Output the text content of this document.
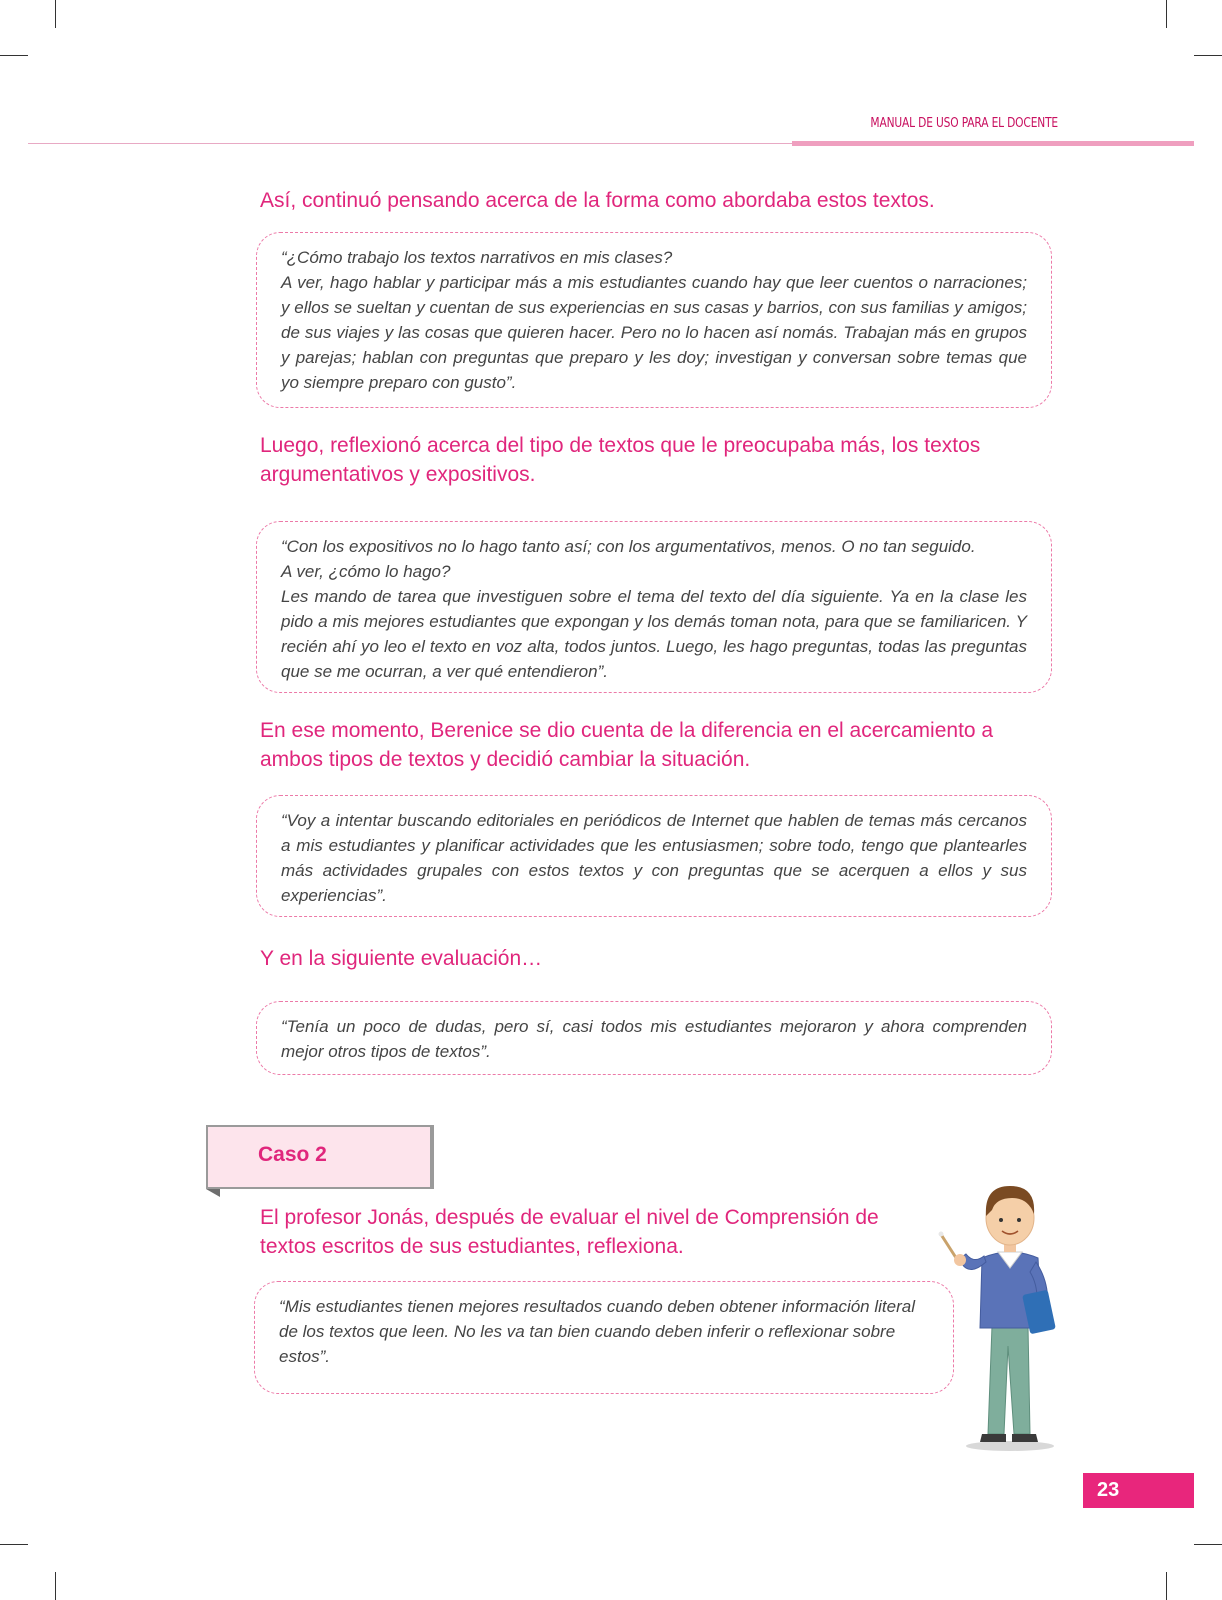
MANUAL DE USO PARA EL DOCENTE
Así, continuó pensando acerca de la forma como abordaba estos textos.

“¿Cómo trabajo los textos narrativos en mis clases?

A ver, hago hablar y participar más a mis estudiantes cuando hay que leer cuentos o narraciones; y ellos se sueltan y cuentan de sus experiencias en sus casas y barrios, con sus familias y amigos; de sus viajes y las cosas que quieren hacer. Pero no lo hacen así nomás. Trabajan más en grupos y parejas; hablan con preguntas que preparo y les doy; investigan y conversan sobre temas que yo siempre preparo con gusto”.

Luego, reflexionó acerca del tipo de textos que le preocupaba más, los textos argumentativos y expositivos.

“Con los expositivos no lo hago tanto así; con los argumentativos, menos. O no tan seguido.

A ver, ¿cómo lo hago?

Les mando de tarea que investiguen sobre el tema del texto del día siguiente. Ya en la clase les pido a mis mejores estudiantes que expongan y los demás toman nota, para que se familiaricen. Y recién ahí yo leo el texto en voz alta, todos juntos. Luego, les hago preguntas, todas las preguntas que se me ocurran, a ver qué entendieron”.

En ese momento, Berenice se dio cuenta de la diferencia en el acercamiento a ambos tipos de textos y decidió cambiar la situación.

“Voy a intentar buscando editoriales en periódicos de Internet que hablen de temas más cercanos a mis estudiantes y planificar actividades que les entusiasmen; sobre todo, tengo que plantearles más actividades grupales con estos textos y con preguntas que se acerquen a ellos y sus experiencias”.

Y en la siguiente evaluación…

“Tenía un poco de dudas, pero sí, casi todos mis estudiantes mejoraron y ahora comprenden mejor otros tipos de textos”.

Caso 2
El profesor Jonás, después de evaluar el nivel de Comprensión de textos escritos de sus estudiantes, reflexiona.

“Mis estudiantes tienen mejores resultados cuando deben obtener información literal de los textos que leen. No les va tan bien cuando deben inferir o reflexionar sobre estos”.

23
